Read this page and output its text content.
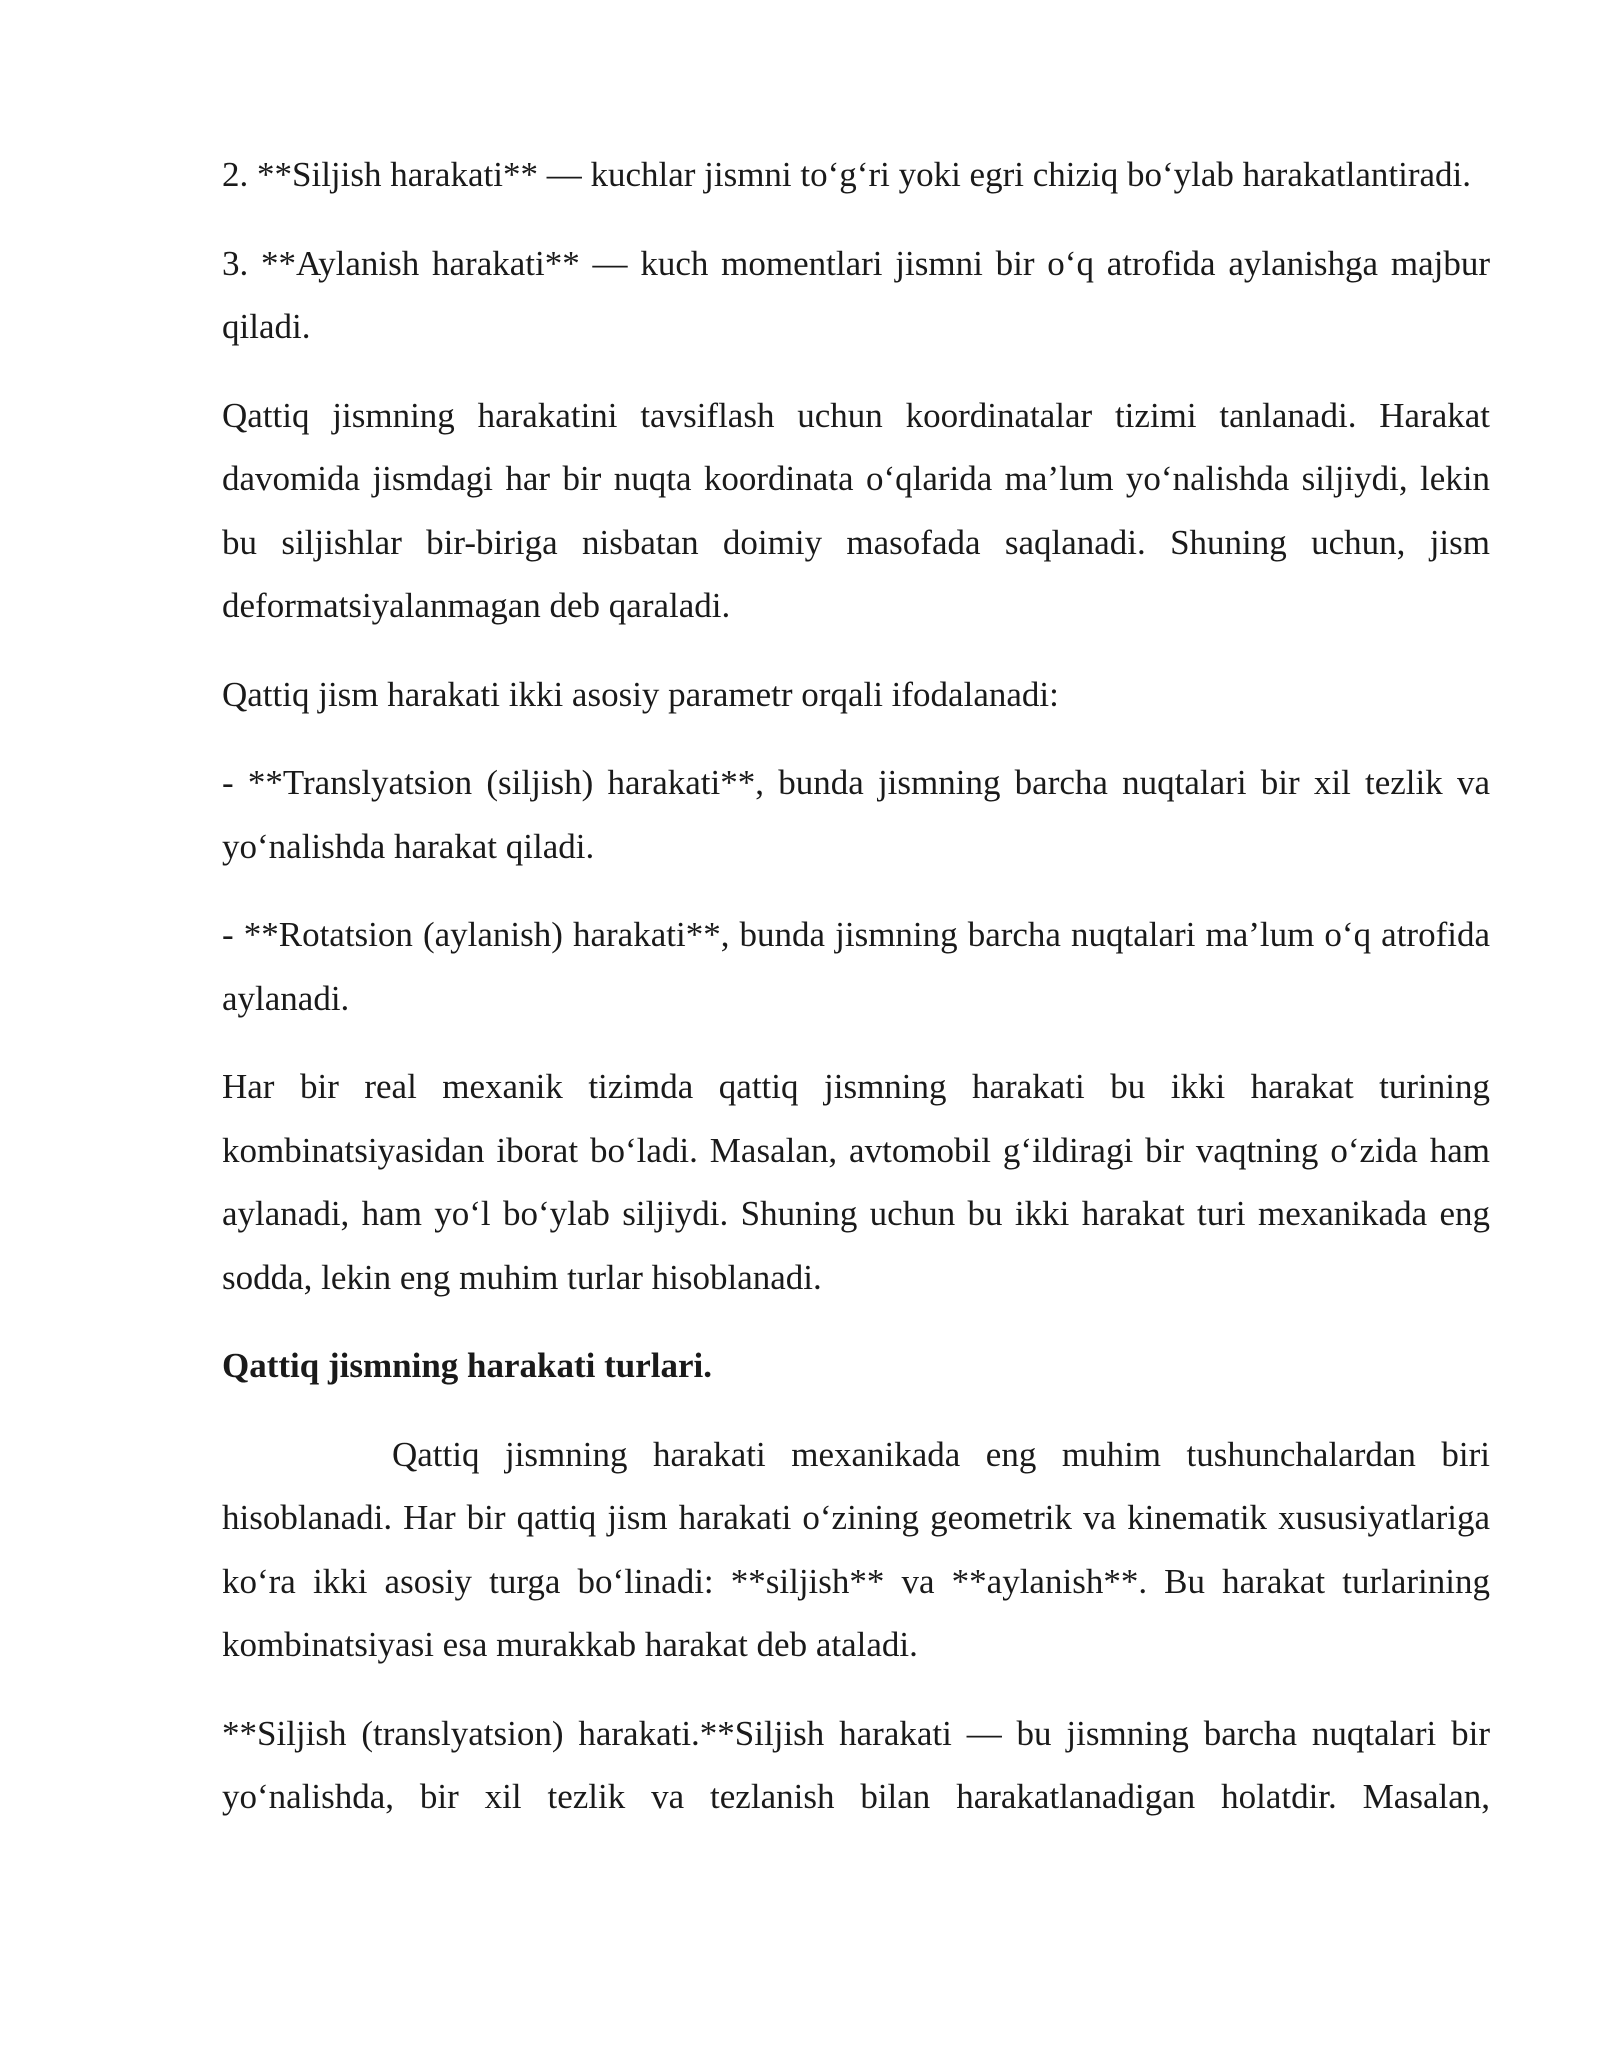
2. **Siljish harakati** — kuchlar jismni to‘g‘ri yoki egri chiziq bo‘ylab harakatlantiradi.

3. **Aylanish harakati** — kuch momentlari jismni bir o‘q atrofida aylanishga majbur qiladi.

Qattiq jismning harakatini tavsiflash uchun koordinatalar tizimi tanlanadi. Harakat davomida jismdagi har bir nuqta koordinata o‘qlarida ma’lum yo‘nalishda siljiydi, lekin bu siljishlar bir-biriga nisbatan doimiy masofada saqlanadi. Shuning uchun, jism deformatsiyalanmagan deb qaraladi.

Qattiq jism harakati ikki asosiy parametr orqali ifodalanadi:

- **Translyatsion (siljish) harakati**, bunda jismning barcha nuqtalari bir xil tezlik va yo‘nalishda harakat qiladi.

- **Rotatsion (aylanish) harakati**, bunda jismning barcha nuqtalari ma’lum o‘q atrofida aylanadi.

Har bir real mexanik tizimda qattiq jismning harakati bu ikki harakat turining kombinatsiyasidan iborat bo‘ladi. Masalan, avtomobil g‘ildiragi bir vaqtning o‘zida ham aylanadi, ham yo‘l bo‘ylab siljiydi. Shuning uchun bu ikki harakat turi mexanikada eng sodda, lekin eng muhim turlar hisoblanadi.

Qattiq jismning harakati turlari.

Qattiq jismning harakati mexanikada eng muhim tushunchalardan biri hisoblanadi. Har bir qattiq jism harakati o‘zining geometrik va kinematik xususiyatlariga ko‘ra ikki asosiy turga bo‘linadi: **siljish** va **aylanish**. Bu harakat turlarining kombinatsiyasi esa murakkab harakat deb ataladi.

**Siljish (translyatsion) harakati.**Siljish harakati — bu jismning barcha nuqtalari bir yo‘nalishda, bir xil tezlik va tezlanish bilan harakatlanadigan holatdir. Masalan,
